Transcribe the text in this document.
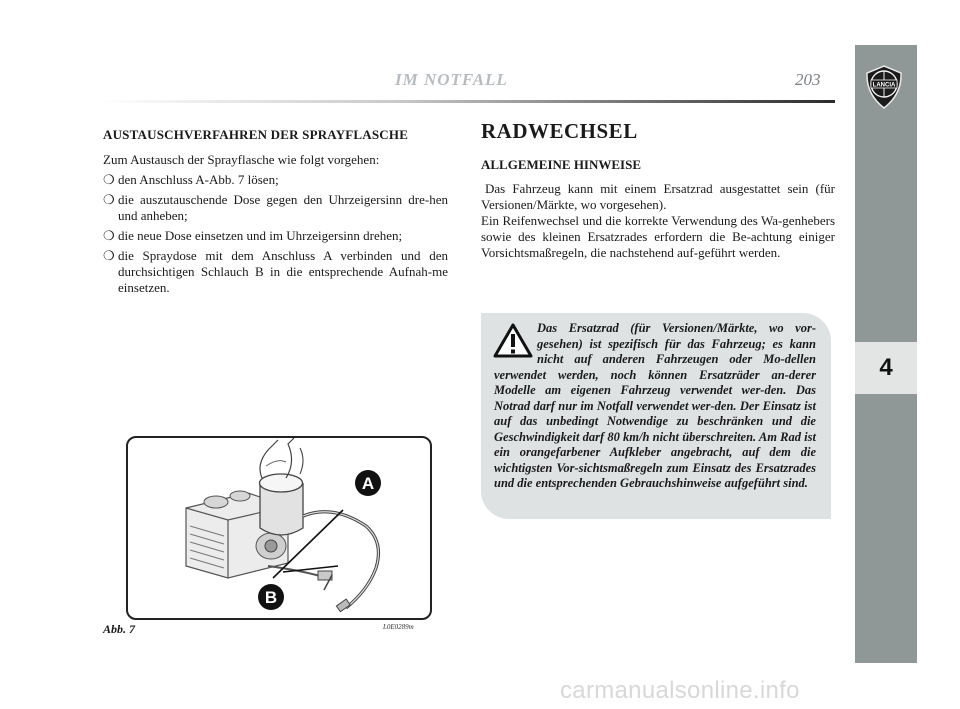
IM NOTFALL	203	LANCIA
4
AUSTAUSCHVERFAHREN DER SPRAYFLASCHE

Zum Austausch der Sprayflasche wie folgt vorgehen:

❍ den Anschluss A-Abb. 7 lösen;
❍ die auszutauschende Dose gegen den Uhrzeigersinn dre-hen und anheben;
❍ die neue Dose einsetzen und im Uhrzeigersinn drehen;
❍ die Spraydose mit dem Anschluss A verbinden und den durchsichtigen Schlauch B in die entsprechende Aufnah-me einsetzen.
RADWECHSEL
ALLGEMEINE HINWEISE

Das Fahrzeug kann mit einem Ersatzrad ausgestattet sein (für Versionen/Märkte, wo vorgesehen).

Ein Reifenwechsel und die korrekte Verwendung des Wa-genhebers sowie des kleinen Ersatzrades erfordern die Be-achtung einiger Vorsichtsmaßregeln, die nachstehend auf-geführt werden.

Das Ersatzrad (für Versionen/Märkte, wo vor-gesehen) ist spezifisch für das Fahrzeug; es kann nicht auf anderen Fahrzeugen oder Mo-dellen verwendet werden, noch können Ersatzräder an-derer Modelle am eigenen Fahrzeug verwendet wer-den. Das Notrad darf nur im Notfall verwendet wer-den. Der Einsatz ist auf das unbedingt Notwendige zu beschränken und die Geschwindigkeit darf 80 km/h nicht überschreiten. Am Rad ist ein orangefarbener Aufkleber angebracht, auf dem die wichtigsten Vor-sichtsmaßregeln zum Einsatz des Ersatzrades und die entsprechenden Gebrauchshinweise aufgeführt sind.
A
B
Abb. 7	L0E0289m
carmanualsonline.info
